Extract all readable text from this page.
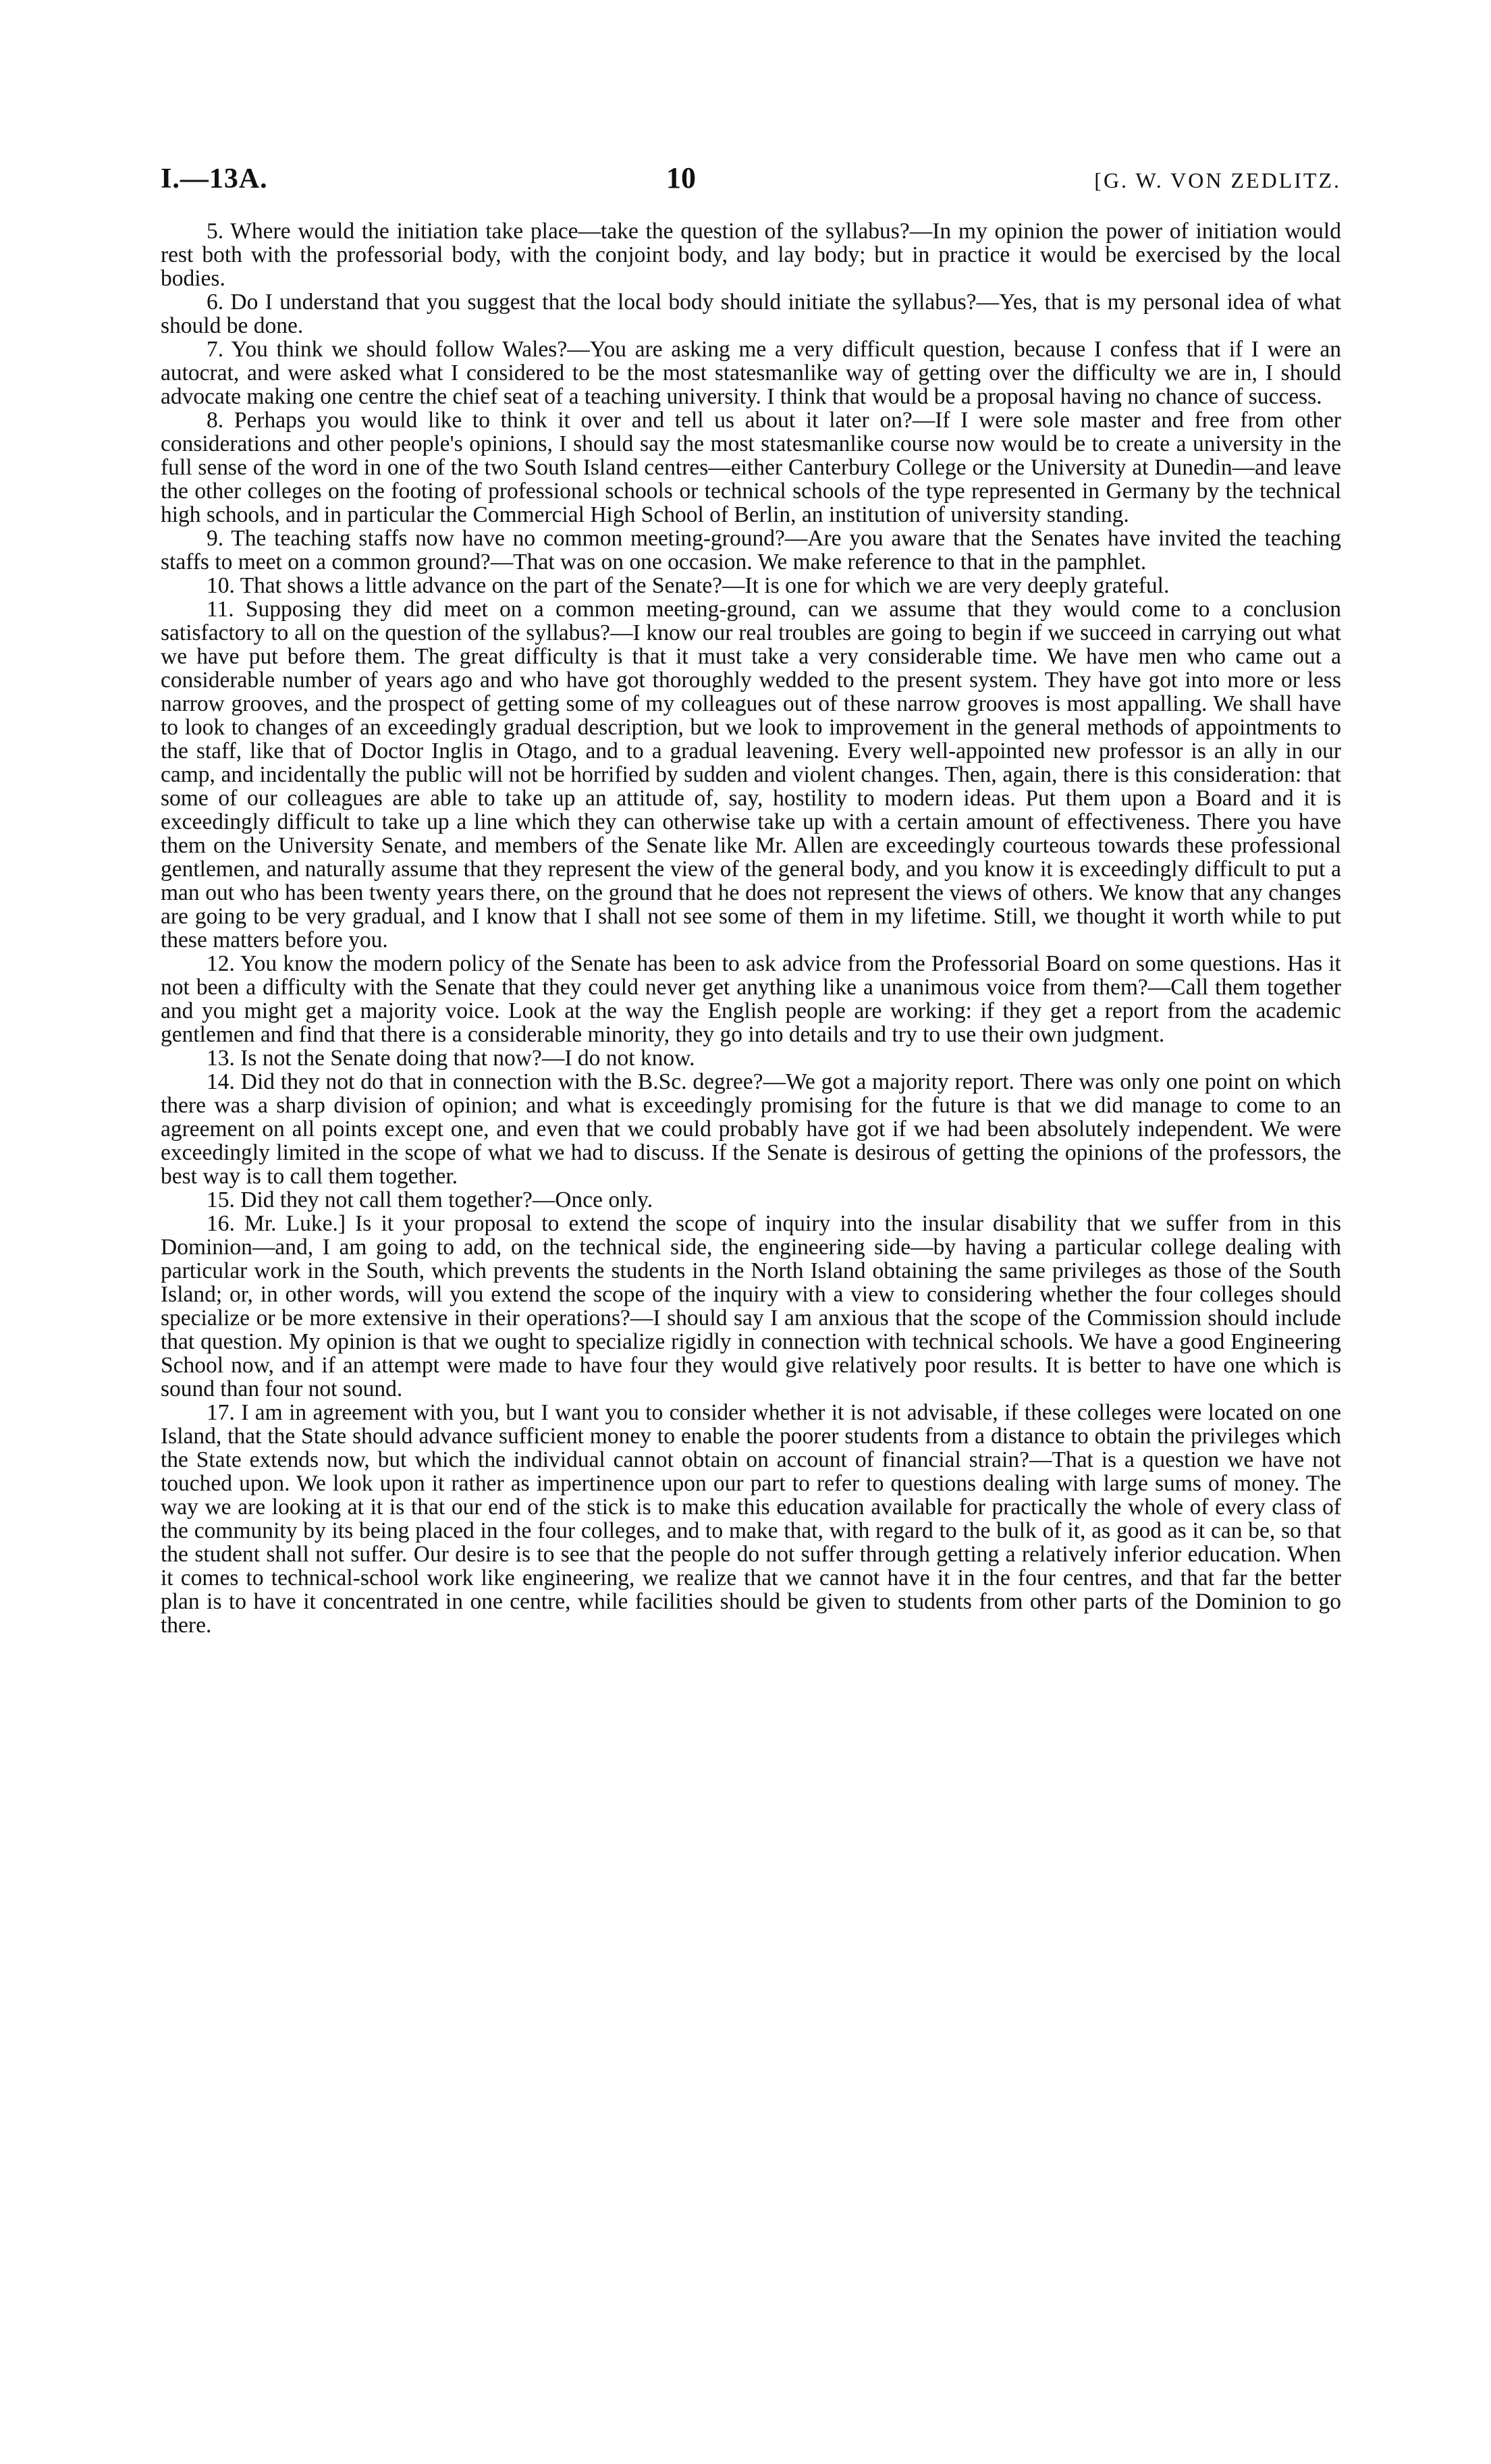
I.—13A.	10	[G. W. VON ZEDLITZ.

5. Where would the initiation take place—take the question of the syllabus?—In my opinion the power of initiation would rest both with the professorial body, with the conjoint body, and lay body; but in practice it would be exercised by the local bodies.

6. Do I understand that you suggest that the local body should initiate the syllabus?—Yes, that is my personal idea of what should be done.

7. You think we should follow Wales?—You are asking me a very difficult question, because I confess that if I were an autocrat, and were asked what I considered to be the most statesmanlike way of getting over the difficulty we are in, I should advocate making one centre the chief seat of a teaching university. I think that would be a proposal having no chance of success.

8. Perhaps you would like to think it over and tell us about it later on?—If I were sole master and free from other considerations and other people's opinions, I should say the most statesmanlike course now would be to create a university in the full sense of the word in one of the two South Island centres—either Canterbury College or the University at Dunedin—and leave the other colleges on the footing of professional schools or technical schools of the type represented in Germany by the technical high schools, and in particular the Commercial High School of Berlin, an institution of university standing.

9. The teaching staffs now have no common meeting-ground?—Are you aware that the Senates have invited the teaching staffs to meet on a common ground?—That was on one occasion. We make reference to that in the pamphlet.

10. That shows a little advance on the part of the Senate?—It is one for which we are very deeply grateful.

11. Supposing they did meet on a common meeting-ground, can we assume that they would come to a conclusion satisfactory to all on the question of the syllabus?—I know our real troubles are going to begin if we succeed in carrying out what we have put before them. The great difficulty is that it must take a very considerable time. We have men who came out a considerable number of years ago and who have got thoroughly wedded to the present system. They have got into more or less narrow grooves, and the prospect of getting some of my colleagues out of these narrow grooves is most appalling. We shall have to look to changes of an exceedingly gradual description, but we look to improvement in the general methods of appointments to the staff, like that of Doctor Inglis in Otago, and to a gradual leavening. Every well-appointed new professor is an ally in our camp, and incidentally the public will not be horrified by sudden and violent changes. Then, again, there is this consideration: that some of our colleagues are able to take up an attitude of, say, hostility to modern ideas. Put them upon a Board and it is exceedingly difficult to take up a line which they can otherwise take up with a certain amount of effectiveness. There you have them on the University Senate, and members of the Senate like Mr. Allen are exceedingly courteous towards these professional gentlemen, and naturally assume that they represent the view of the general body, and you know it is exceedingly difficult to put a man out who has been twenty years there, on the ground that he does not represent the views of others. We know that any changes are going to be very gradual, and I know that I shall not see some of them in my lifetime. Still, we thought it worth while to put these matters before you.

12. You know the modern policy of the Senate has been to ask advice from the Professorial Board on some questions. Has it not been a difficulty with the Senate that they could never get anything like a unanimous voice from them?—Call them together and you might get a majority voice. Look at the way the English people are working: if they get a report from the academic gentlemen and find that there is a considerable minority, they go into details and try to use their own judgment.

13. Is not the Senate doing that now?—I do not know.

14. Did they not do that in connection with the B.Sc. degree?—We got a majority report. There was only one point on which there was a sharp division of opinion; and what is exceedingly promising for the future is that we did manage to come to an agreement on all points except one, and even that we could probably have got if we had been absolutely independent. We were exceedingly limited in the scope of what we had to discuss. If the Senate is desirous of getting the opinions of the professors, the best way is to call them together.

15. Did they not call them together?—Once only.

16. Mr. Luke.] Is it your proposal to extend the scope of inquiry into the insular disability that we suffer from in this Dominion—and, I am going to add, on the technical side, the engineering side—by having a particular college dealing with particular work in the South, which prevents the students in the North Island obtaining the same privileges as those of the South Island; or, in other words, will you extend the scope of the inquiry with a view to considering whether the four colleges should specialize or be more extensive in their operations?—I should say I am anxious that the scope of the Commission should include that question. My opinion is that we ought to specialize rigidly in connection with technical schools. We have a good Engineering School now, and if an attempt were made to have four they would give relatively poor results. It is better to have one which is sound than four not sound.

17. I am in agreement with you, but I want you to consider whether it is not advisable, if these colleges were located on one Island, that the State should advance sufficient money to enable the poorer students from a distance to obtain the privileges which the State extends now, but which the individual cannot obtain on account of financial strain?—That is a question we have not touched upon. We look upon it rather as impertinence upon our part to refer to questions dealing with large sums of money. The way we are looking at it is that our end of the stick is to make this education available for practically the whole of every class of the community by its being placed in the four colleges, and to make that, with regard to the bulk of it, as good as it can be, so that the student shall not suffer. Our desire is to see that the people do not suffer through getting a relatively inferior education. When it comes to technical-school work like engineering, we realize that we cannot have it in the four centres, and that far the better plan is to have it concentrated in one centre, while facilities should be given to students from other parts of the Dominion to go there.
